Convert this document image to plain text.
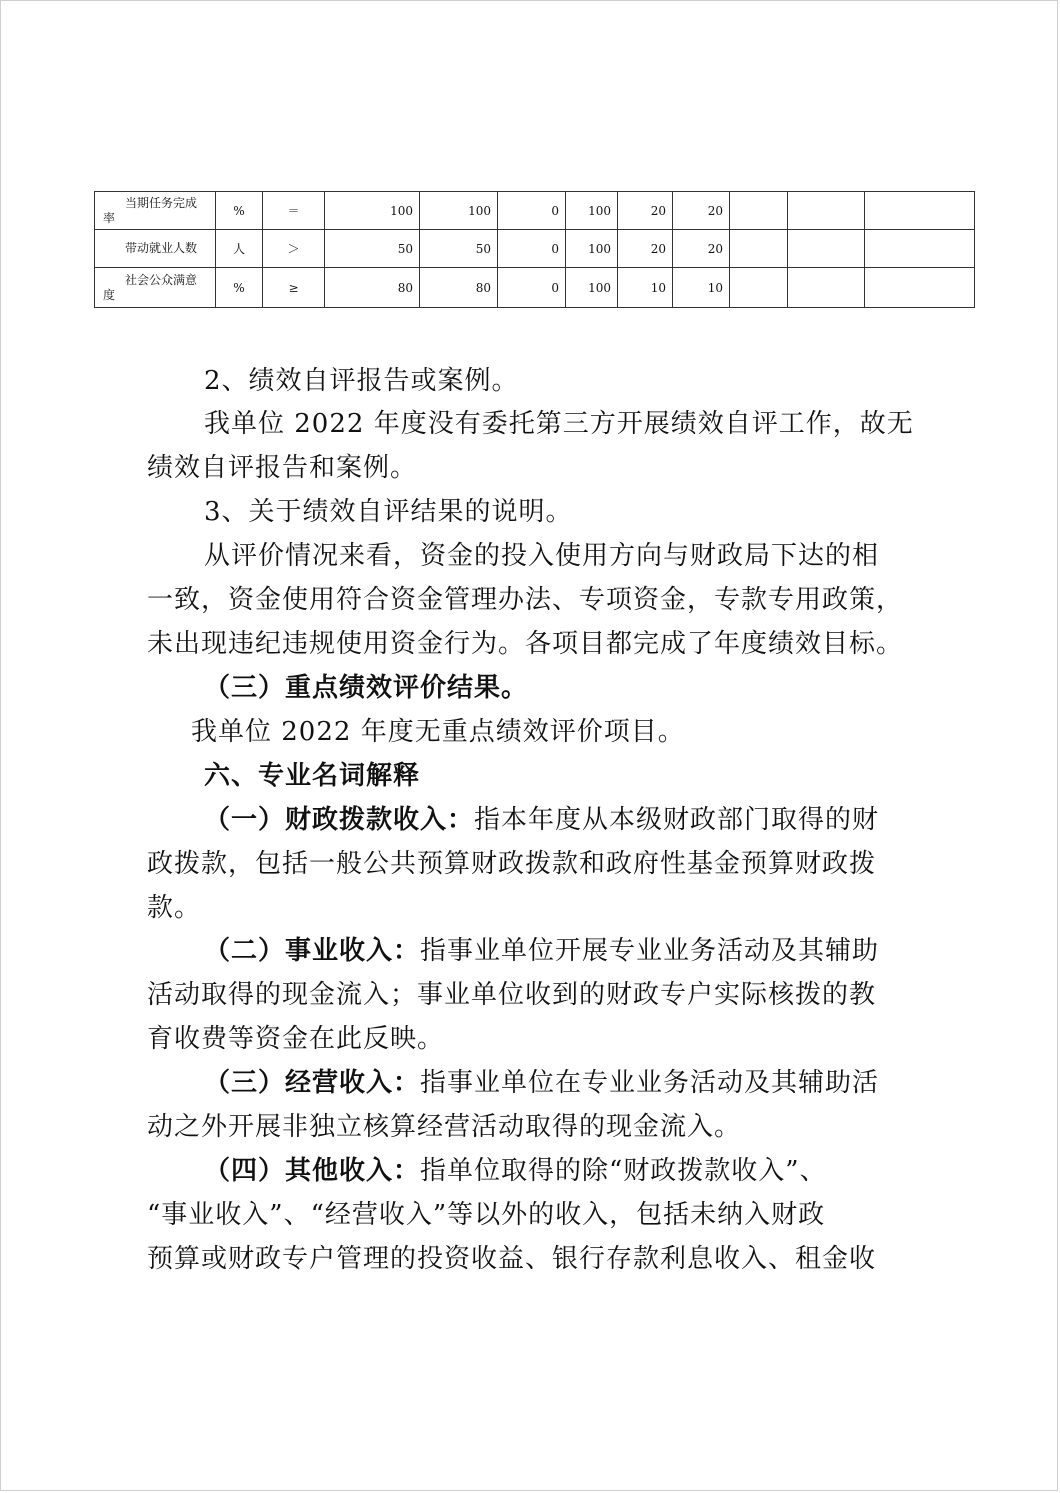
当期任务完成
率	%	＝	100	100	0	100	20	20			

带动就业人数	人	＞	50	50	0	100	20	20			

社会公众满意
度	%	≥	80	80	0	100	10	10			
2、绩效自评报告或案例。
我单位 2022 年度没有委托第三方开展绩效自评工作，故无
绩效自评报告和案例。
3、关于绩效自评结果的说明。
从评价情况来看，资金的投入使用方向与财政局下达的相
一致，资金使用符合资金管理办法、专项资金，专款专用政策，
未出现违纪违规使用资金行为。各项目都完成了年度绩效目标。
（三）重点绩效评价结果。
我单位 2022 年度无重点绩效评价项目。
六、专业名词解释
（一）财政拨款收入：指本年度从本级财政部门取得的财
政拨款，包括一般公共预算财政拨款和政府性基金预算财政拨
款。
（二）事业收入：指事业单位开展专业业务活动及其辅助
活动取得的现金流入；事业单位收到的财政专户实际核拨的教
育收费等资金在此反映。
（三）经营收入：指事业单位在专业业务活动及其辅助活
动之外开展非独立核算经营活动取得的现金流入。
（四）其他收入：指单位取得的除“财政拨款收入”、
“事业收入”、“经营收入”等以外的收入，包括未纳入财政
预算或财政专户管理的投资收益、银行存款利息收入、租金收
